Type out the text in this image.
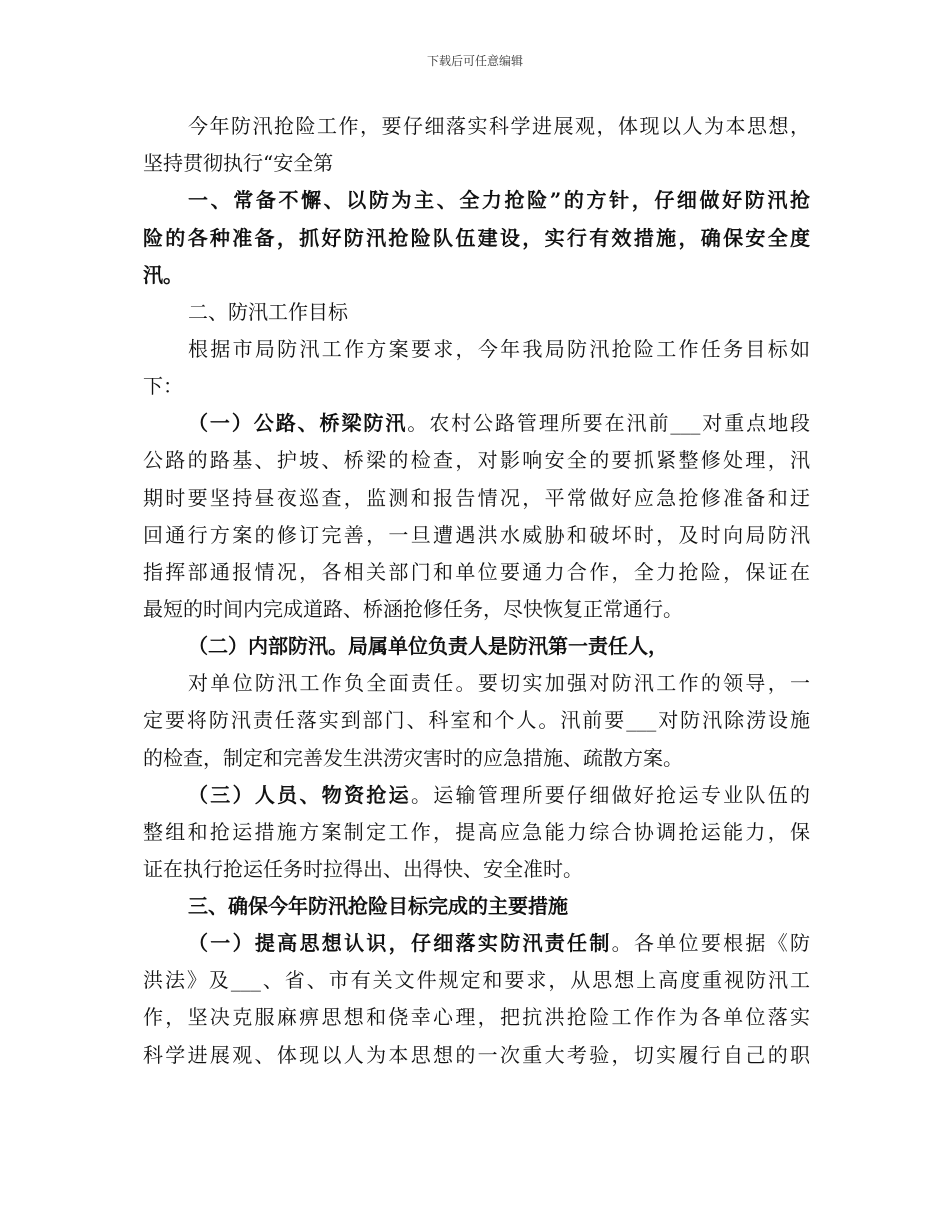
下载后可任意编辑
今年防汛抢险工作，要仔细落实科学进展观，体现以人为本思想，
坚持贯彻执行“安全第
一、常备不懈、以防为主、全力抢险”的方针，仔细做好防汛抢
险的各种准备，抓好防汛抢险队伍建设，实行有效措施，确保安全度
汛。
二、防汛工作目标
根据市局防汛工作方案要求，今年我局防汛抢险工作任务目标如
下：
（一）公路、桥梁防汛。农村公路管理所要在汛前___对重点地段
公路的路基、护坡、桥梁的检查，对影响安全的要抓紧整修处理，汛
期时要坚持昼夜巡查，监测和报告情况，平常做好应急抢修准备和迂
回通行方案的修订完善，一旦遭遇洪水威胁和破坏时，及时向局防汛
指挥部通报情况，各相关部门和单位要通力合作，全力抢险，保证在
最短的时间内完成道路、桥涵抢修任务，尽快恢复正常通行。
（二）内部防汛。局属单位负责人是防汛第一责任人，
对单位防汛工作负全面责任。要切实加强对防汛工作的领导，一
定要将防汛责任落实到部门、科室和个人。汛前要___对防汛除涝设施
的检查，制定和完善发生洪涝灾害时的应急措施、疏散方案。
（三）人员、物资抢运。运输管理所要仔细做好抢运专业队伍的
整组和抢运措施方案制定工作，提高应急能力综合协调抢运能力，保
证在执行抢运任务时拉得出、出得快、安全准时。
三、确保今年防汛抢险目标完成的主要措施
（一）提高思想认识，仔细落实防汛责任制。各单位要根据《防
洪法》及___、省、市有关文件规定和要求，从思想上高度重视防汛工
作，坚决克服麻痹思想和侥幸心理，把抗洪抢险工作作为各单位落实
科学进展观、体现以人为本思想的一次重大考验，切实履行自己的职
